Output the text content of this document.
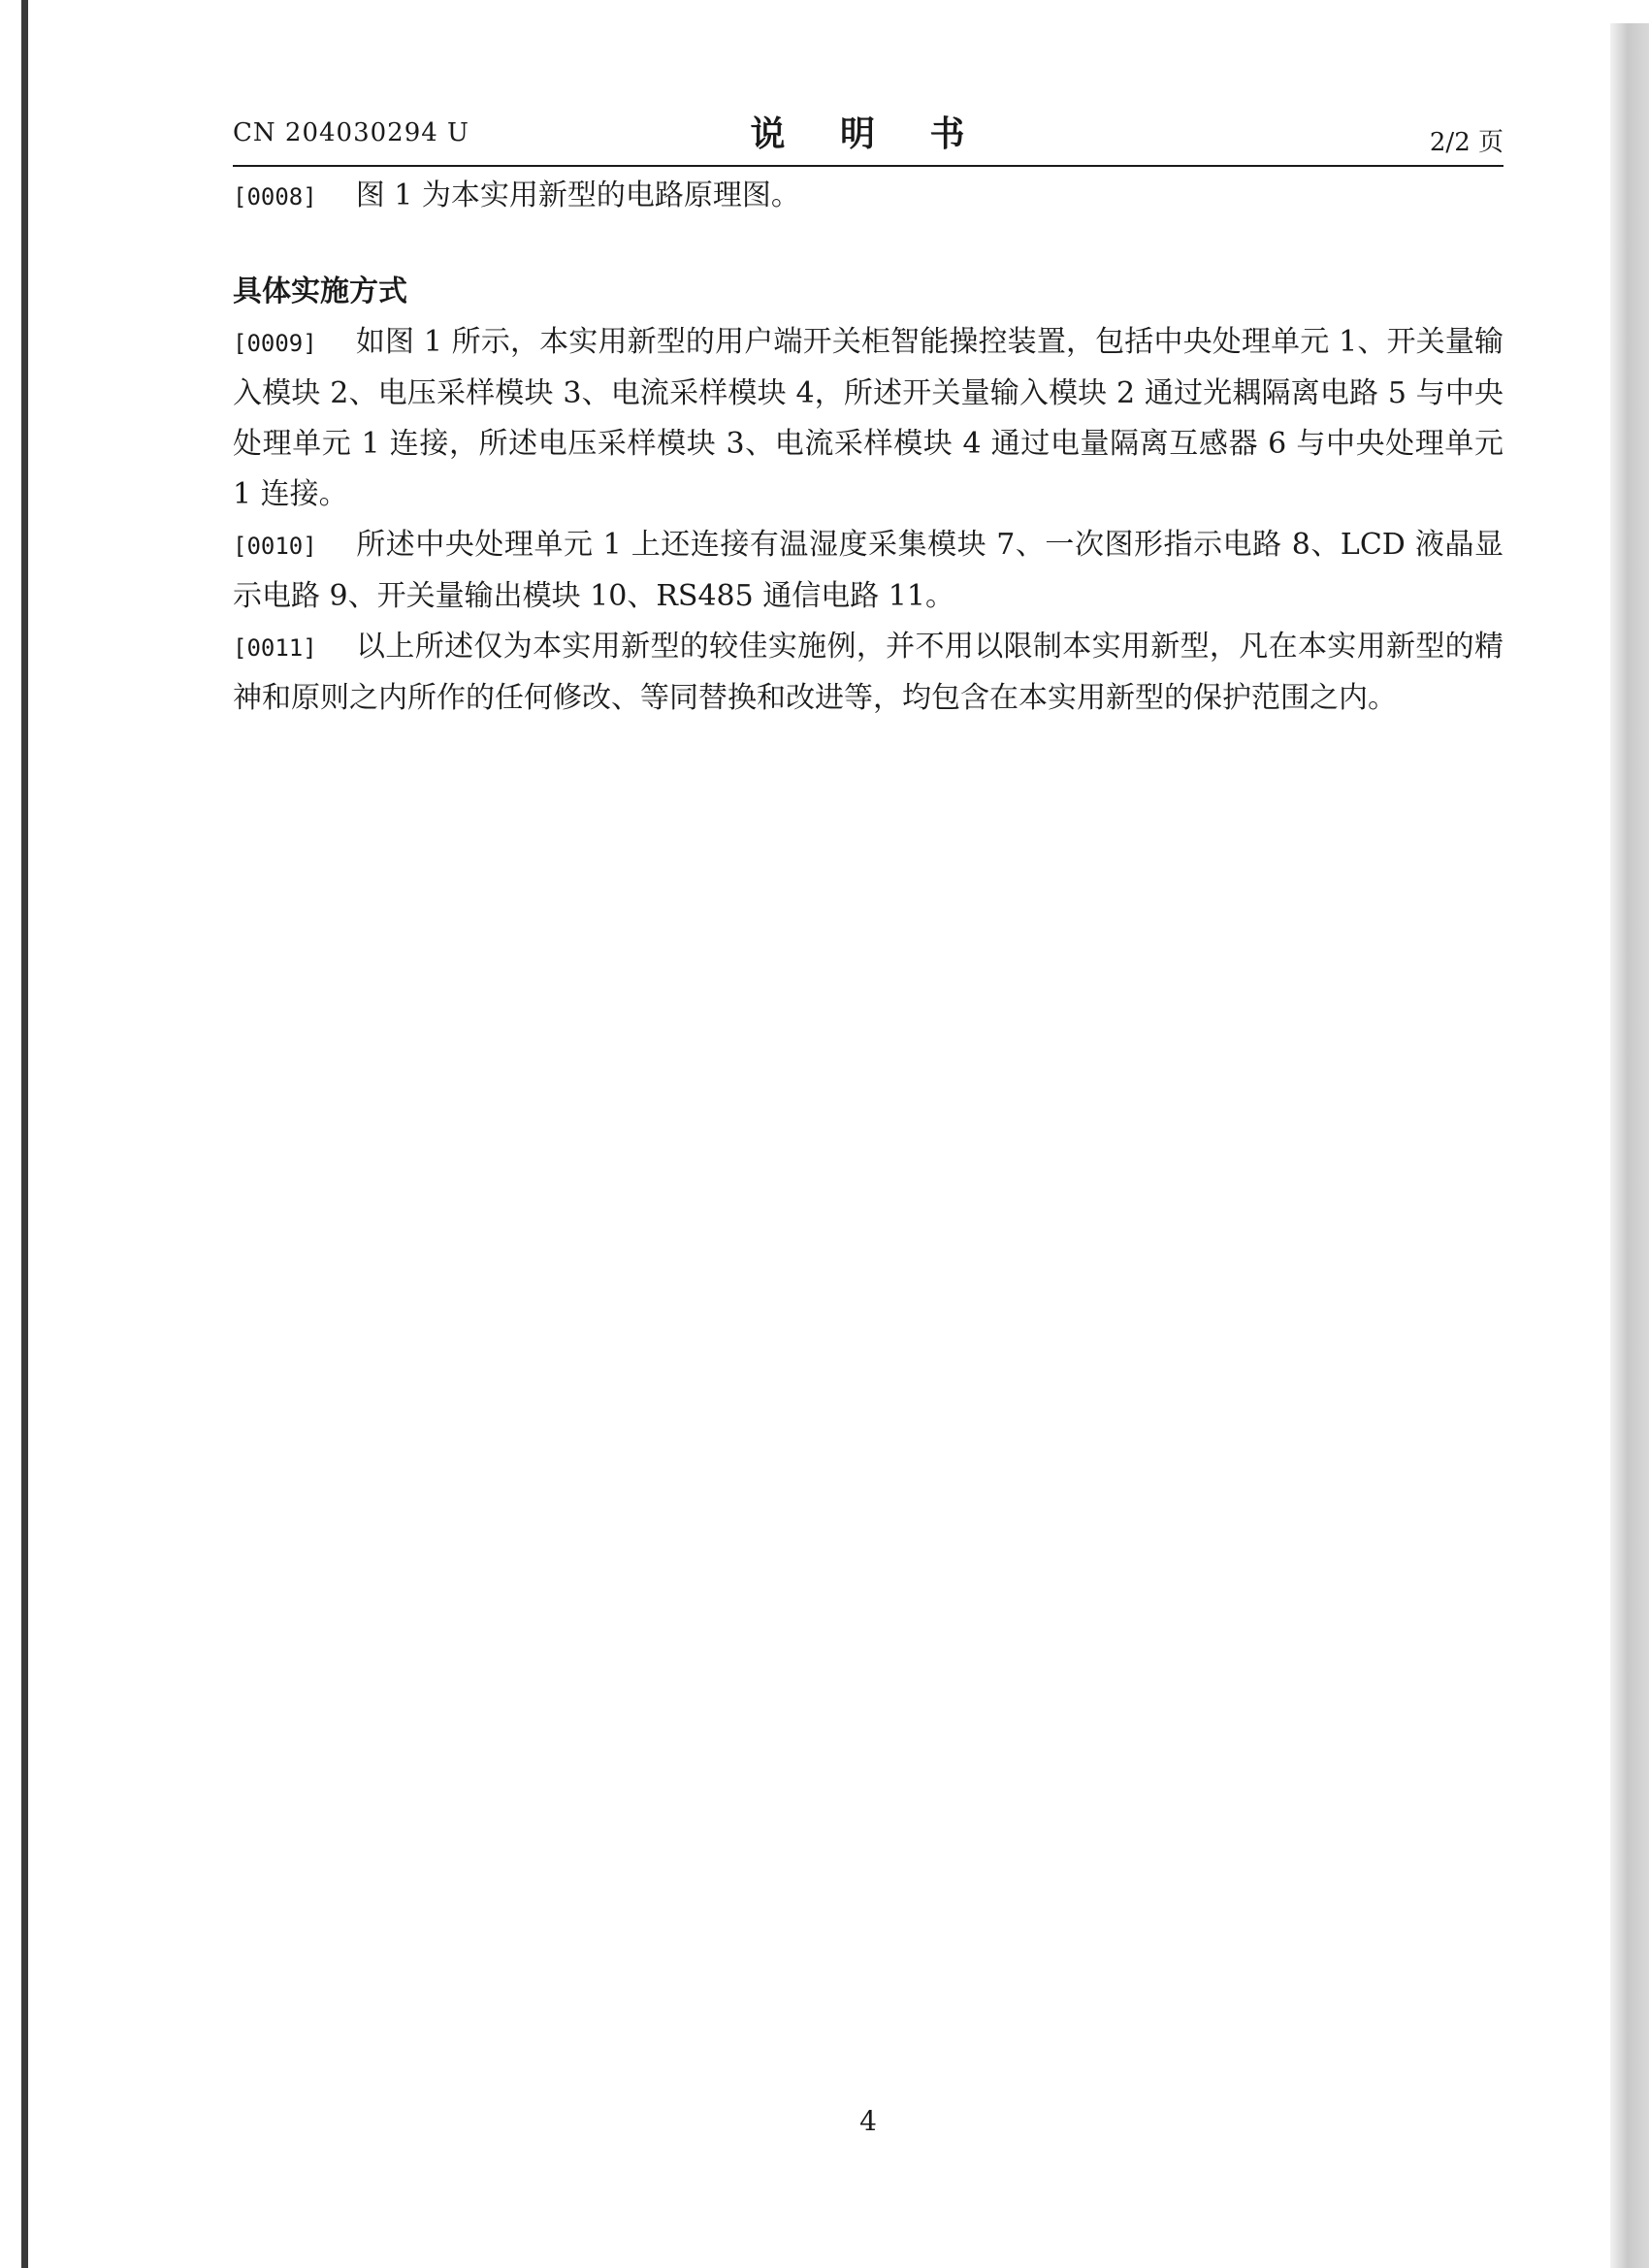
CN 204030294 U	说 明 书	2/2 页

[0008] 图 1 为本实用新型的电路原理图。

具体实施方式

[0009] 如图 1 所示，本实用新型的用户端开关柜智能操控装置，包括中央处理单元 1、开关量输入模块 2、电压采样模块 3、电流采样模块 4，所述开关量输入模块 2 通过光耦隔离电路 5 与中央处理单元 1 连接，所述电压采样模块 3、电流采样模块 4 通过电量隔离互感器 6 与中央处理单元 1 连接。

[0010] 所述中央处理单元 1 上还连接有温湿度采集模块 7、一次图形指示电路 8、LCD 液晶显示电路 9、开关量输出模块 10、RS485 通信电路 11。

[0011] 以上所述仅为本实用新型的较佳实施例，并不用以限制本实用新型，凡在本实用新型的精神和原则之内所作的任何修改、等同替换和改进等，均包含在本实用新型的保护范围之内。

4
